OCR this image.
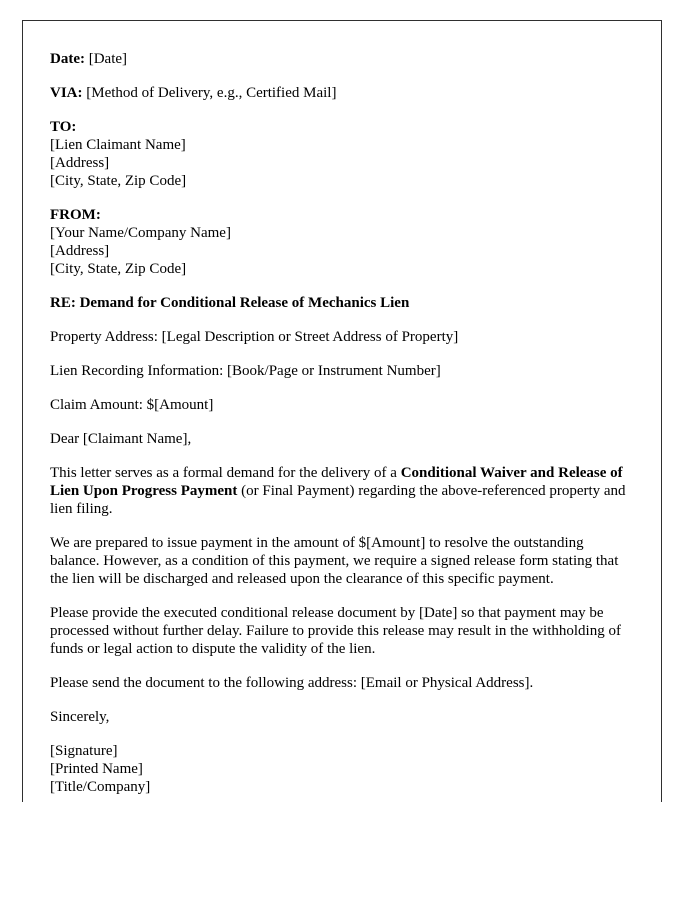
Date: [Date]
VIA: [Method of Delivery, e.g., Certified Mail]
TO:
[Lien Claimant Name]
[Address]
[City, State, Zip Code]
FROM:
[Your Name/Company Name]
[Address]
[City, State, Zip Code]
RE: Demand for Conditional Release of Mechanics Lien
Property Address: [Legal Description or Street Address of Property]
Lien Recording Information: [Book/Page or Instrument Number]
Claim Amount: $[Amount]
Dear [Claimant Name],
This letter serves as a formal demand for the delivery of a Conditional Waiver and Release of Lien Upon Progress Payment (or Final Payment) regarding the above-referenced property and lien filing.
We are prepared to issue payment in the amount of $[Amount] to resolve the outstanding balance. However, as a condition of this payment, we require a signed release form stating that the lien will be discharged and released upon the clearance of this specific payment.
Please provide the executed conditional release document by [Date] so that payment may be processed without further delay. Failure to provide this release may result in the withholding of funds or legal action to dispute the validity of the lien.
Please send the document to the following address: [Email or Physical Address].
Sincerely,
[Signature]
[Printed Name]
[Title/Company]
